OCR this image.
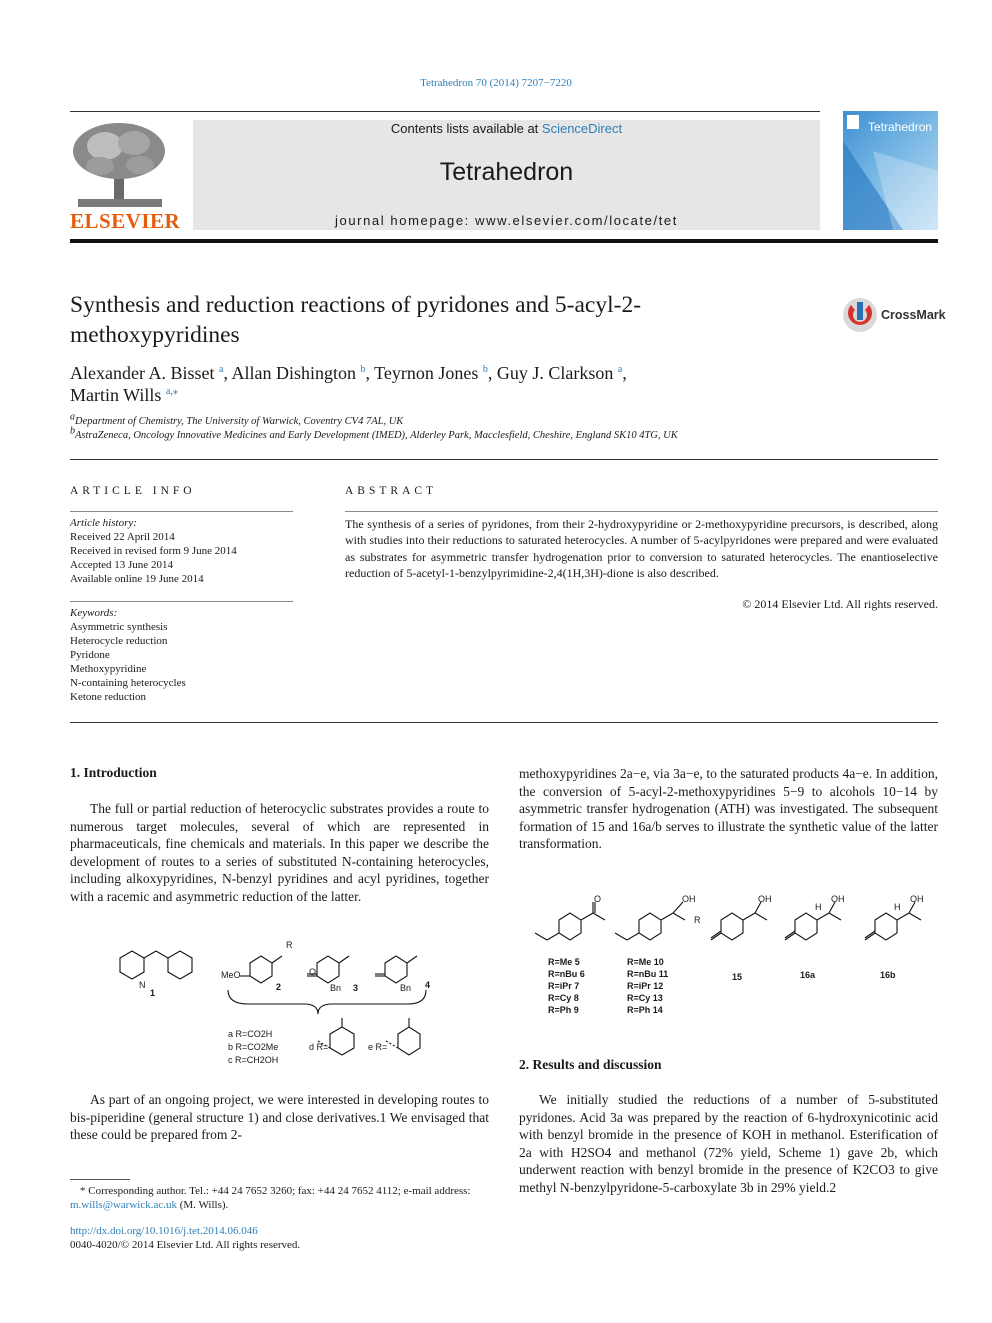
Tetrahedron 70 (2014) 7207−7220
ELSEVIER
Contents lists available at ScienceDirect
Tetrahedron
journal homepage: www.elsevier.com/locate/tet
Tetrahedron
Synthesis and reduction reactions of pyridones and 5-acyl-2-
methoxypyridines
CrossMark
Alexander A. Bisset $^a$, Allan Dishington $^b$, Teyrnon Jones $^b$, Guy J. Clarkson $^a$,
Martin Wills $^{a,⁎}$
$^a$Department of Chemistry, The University of Warwick, Coventry CV4 7AL, UK
$^b$AstraZeneca, Oncology Innovative Medicines and Early Development (IMED), Alderley Park, Macclesfield, Cheshire, England SK10 4TG, UK
ARTICLE INFO
Article history:
Received 22 April 2014
Received in revised form 9 June 2014
Accepted 13 June 2014
Available online 19 June 2014
Keywords:
Asymmetric synthesis
Heterocycle reduction
Pyridone
Methoxypyridine
N-containing heterocycles
Ketone reduction
ABSTRACT
The synthesis of a series of pyridones, from their 2-hydroxypyridine or 2-methoxypyridine precursors, is described, along with studies into their reductions to saturated heterocycles. A number of 5-acylpyridones were prepared and were evaluated as substrates for asymmetric transfer hydrogenation prior to conversion to saturated heterocycles. The enantioselective reduction of 5-acetyl-1-benzylpyrimidine-2,4(1H,3H)-dione is also described.
© 2014 Elsevier Ltd. All rights reserved.
1. Introduction
The full or partial reduction of heterocyclic substrates provides a route to numerous target molecules, several of which are represented in pharmaceuticals, fine chemicals and materials. In this paper we describe the development of routes to a series of substituted N-containing heterocycles, including alkoxypyridines, N-benzyl pyridines and acyl pyridines, together with a racemic and asymmetric reduction of the latter.
N
1
MeO
R
2
O
Bn 3	Bn 4
a R=CO2H
b R=CO2Me
c R=CH2OH
d R=	e R=
As part of an ongoing project, we were interested in developing routes to bis-piperidine (general structure 1) and close derivatives.1 We envisaged that these could be prepared from 2-
methoxypyridines 2a−e, via 3a−e, to the saturated products 4a−e. In addition, the conversion of 5-acyl-2-methoxypyridines 5−9 to alcohols 10−14 by asymmetric transfer hydrogenation (ATH) was investigated. The subsequent formation of 15 and 16a/b serves to illustrate the synthetic value of the latter transformation.
O	OH
R
OH
H
OH
H
OH
R=Me 5
R=nBu 6
R=iPr 7
R=Cy 8
R=Ph 9
R=Me 10
R=nBu 11
R=iPr 12
R=Cy 13
R=Ph 14
15	16a	16b
2. Results and discussion
We initially studied the reductions of a number of 5-substituted pyridones. Acid 3a was prepared by the reaction of 6-hydroxynicotinic acid with benzyl bromide in the presence of KOH in methanol. Esterification of 2a with H2SO4 and methanol (72% yield, Scheme 1) gave 2b, which underwent reaction with benzyl bromide in the presence of K2CO3 to give methyl N-benzylpyridone-5-carboxylate 3b in 29% yield.2
* Corresponding author. Tel.: +44 24 7652 3260; fax: +44 24 7652 4112; e-mail address: m.wills@warwick.ac.uk (M. Wills).
http://dx.doi.org/10.1016/j.tet.2014.06.046
0040-4020/© 2014 Elsevier Ltd. All rights reserved.
